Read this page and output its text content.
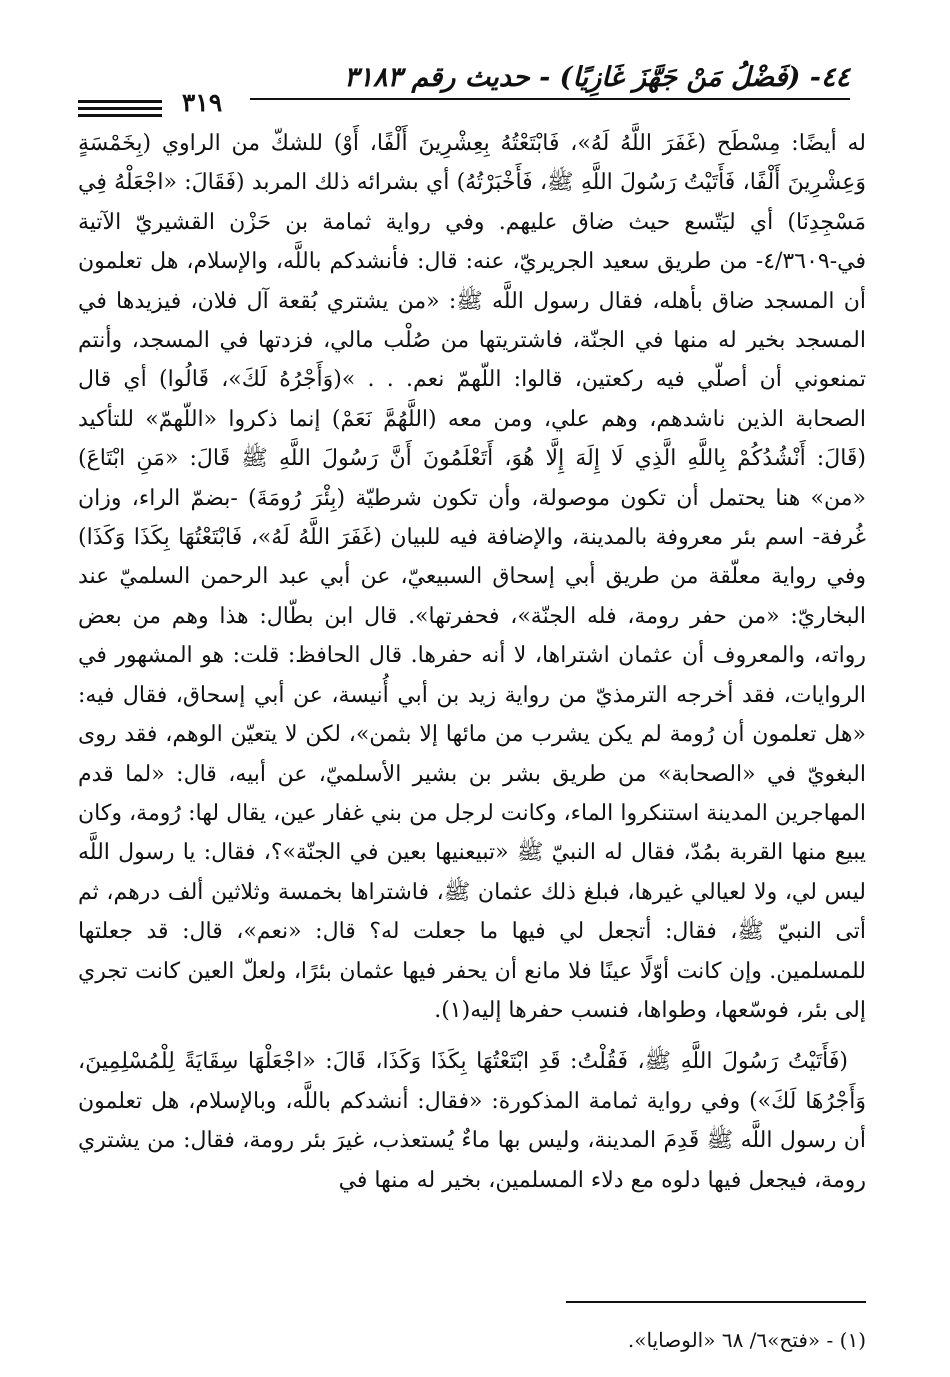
٤٤- (فَضْلُ مَنْ جَهَّزَ غَازِيًا) - حديث رقم ٣١٨٣
٣١٩

له أيضًا: مِسْطَح (غَفَرَ اللَّهُ لَهُ»، فَابْتَعْتُهُ بِعِشْرِينَ أَلْفًا، أَوْ) للشكّ من الراوي (بِخَمْسَةٍ وَعِشْرِينَ أَلْفًا، فَأَتَيْتُ رَسُولَ اللَّهِ ﷺ، فَأَخْبَرْتُهُ) أي بشرائه ذلك المربد (فَقَالَ: «اجْعَلْهُ فِي مَسْجِدِنَا) أي ليَتّسع حيث ضاق عليهم. وفي رواية ثمامة بن حَزْن القشيريّ الآتية في-٤/٣٦٠٩- من طريق سعيد الجريريّ، عنه: قال: فأنشدكم باللَّه، والإسلام، هل تعلمون أن المسجد ضاق بأهله، فقال رسول اللَّه ﷺ: «من يشتري بُقعة آل فلان، فيزيدها في المسجد بخير له منها في الجنّة، فاشتريتها من صُلْب مالي، فزدتها في المسجد، وأنتم تمنعوني أن أصلّي فيه ركعتين، قالوا: اللّهمّ نعم. . . »(وَأَجْرُهُ لَكَ»، قَالُوا) أي قال الصحابة الذين ناشدهم، وهم علي، ومن معه (اللَّهُمَّ نَعَمْ) إنما ذكروا «اللّهمّ» للتأكيد (قَالَ: أَنْشُدُكُمْ بِاللَّهِ الَّذِي لَا إِلَهَ إِلَّا هُوَ، أَتَعْلَمُونَ أَنَّ رَسُولَ اللَّهِ ﷺ قَالَ: «مَنِ ابْتَاعَ) «من» هنا يحتمل أن تكون موصولة، وأن تكون شرطيّة (بِئْرَ رُومَةَ) -بضمّ الراء، وزان غُرفة- اسم بئر معروفة بالمدينة، والإضافة فيه للبيان (غَفَرَ اللَّهُ لَهُ»، فَابْتَعْتُهَا بِكَذَا وَكَذَا) وفي رواية معلّقة من طريق أبي إسحاق السبيعيّ، عن أبي عبد الرحمن السلميّ عند البخاريّ: «من حفر رومة، فله الجنّة»، فحفرتها». قال ابن بطّال: هذا وهم من بعض رواته، والمعروف أن عثمان اشتراها، لا أنه حفرها. قال الحافظ: قلت: هو المشهور في الروايات، فقد أخرجه الترمذيّ من رواية زيد بن أبي أُنيسة، عن أبي إسحاق، فقال فيه: «هل تعلمون أن رُومة لم يكن يشرب من مائها إلا بثمن»، لكن لا يتعيّن الوهم، فقد روى البغويّ في «الصحابة» من طريق بشر بن بشير الأسلميّ، عن أبيه، قال: «لما قدم المهاجرين المدينة استنكروا الماء، وكانت لرجل من بني غفار عين، يقال لها: رُومة، وكان يبيع منها القربة بمُدّ، فقال له النبيّ ﷺ «تبيعنيها بعين في الجنّة»؟، فقال: يا رسول اللَّه ليس لي، ولا لعيالي غيرها، فبلغ ذلك عثمان ﷺ، فاشتراها بخمسة وثلاثين ألف درهم، ثم أتى النبيّ ﷺ، فقال: أتجعل لي فيها ما جعلت له؟ قال: «نعم»، قال: قد جعلتها للمسلمين. وإن كانت أوّلًا عينًا فلا مانع أن يحفر فيها عثمان بئرًا، ولعلّ العين كانت تجري إلى بئر، فوسّعها، وطواها، فنسب حفرها إليه(١).

(فَأَتَيْتُ رَسُولَ اللَّهِ ﷺ، فَقُلْتُ: قَدِ ابْتَعْتُهَا بِكَذَا وَكَذَا، قَالَ: «اجْعَلْهَا سِقَايَةً لِلْمُسْلِمِينَ، وَأَجْرُهَا لَكَ») وفي رواية ثمامة المذكورة: «فقال: أنشدكم باللَّه، وبالإسلام، هل تعلمون أن رسول اللَّه ﷺ قَدِمَ المدينة، وليس بها ماءٌ يُستعذب، غيرَ بئر رومة، فقال: من يشتري رومة، فيجعل فيها دلوه مع دلاء المسلمين، بخير له منها في

(١) - «فتح»٦/ ٦٨ «الوصايا».
